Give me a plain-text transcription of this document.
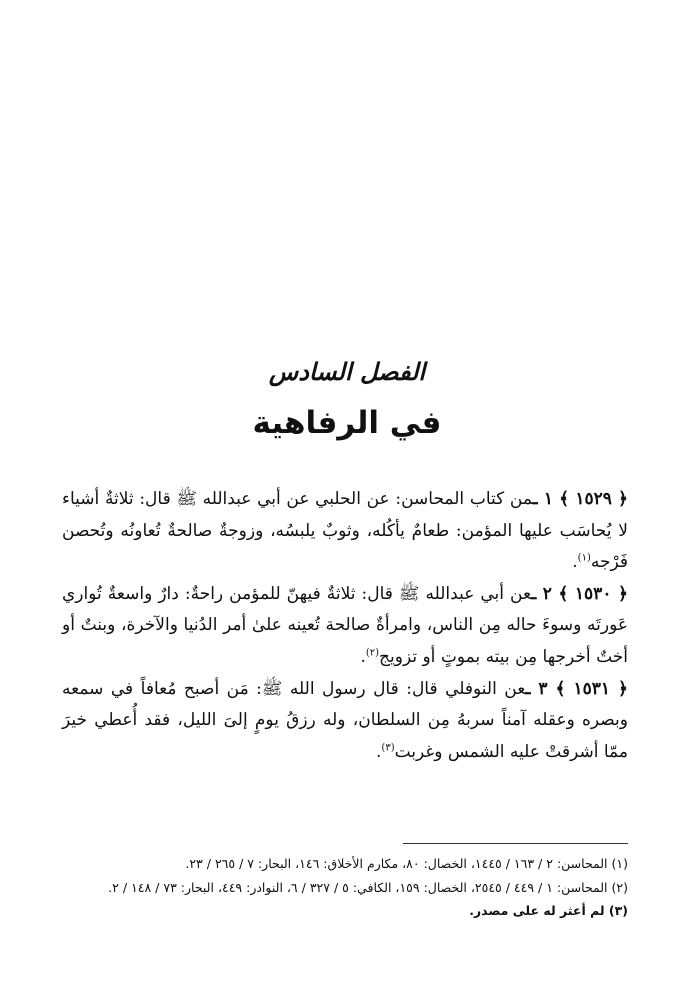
الفصل السادس
في الرفاهية

﴿ ١٥٢٩ ﴾ ١ ـمن كتاب المحاسن: عن الحلبي عن أبي عبدالله ﷺ قال: ثلاثةٌ أشياء لا يُحاسَب عليها المؤمن: طعامٌ يأكُله، وثوبٌ يلبسُه، وزوجةٌ صالحةٌ تُعاونُه وتُحصن فَرْجه$^{(١)}$.

﴿ ١٥٣٠ ﴾ ٢ ـعن أبي عبدالله ﷺ قال: ثلاثةٌ فيهنّ للمؤمن راحةٌ: دارٌ واسعةٌ تُواري عَورتَه وسوءَ حاله مِن الناس، وامرأةٌ صالحة تُعينه علىٰ أمر الدُنيا والآخرة، وبنتٌ أو أختٌ أخرجها مِن بيته بموتٍ أو تزويج$^{(٢)}$.

﴿ ١٥٣١ ﴾ ٣ ـعن النوفلي قال: قال رسول الله ﷺ: مَن أصبح مُعافاً في سمعه وبصره وعقله آمناً سربهُ مِن السلطان، وله رزقُ يومٍ إلىَ الليل، فقد أُعطي خيرَ ممّا أشرقتْ عليه الشمس وغربت$^{(٣)}$.

(١) المحاسن: ٢ / ١٦٣ / ١٤٤٥، الخصال: ٨٠، مكارم الأخلاق: ١٤٦، البحار: ٧ / ٢٦٥ / ٢٣.

(٢) المحاسن: ١ / ٤٤٩ / ٢٥٤٥، الخصال: ١٥٩، الكافي: ٥ / ٣٢٧ / ٦، النوادر: ٤٤٩، البحار: ٧٣ / ١٤٨ / ٢.

(٣) لم أعثر له على مصدر.
